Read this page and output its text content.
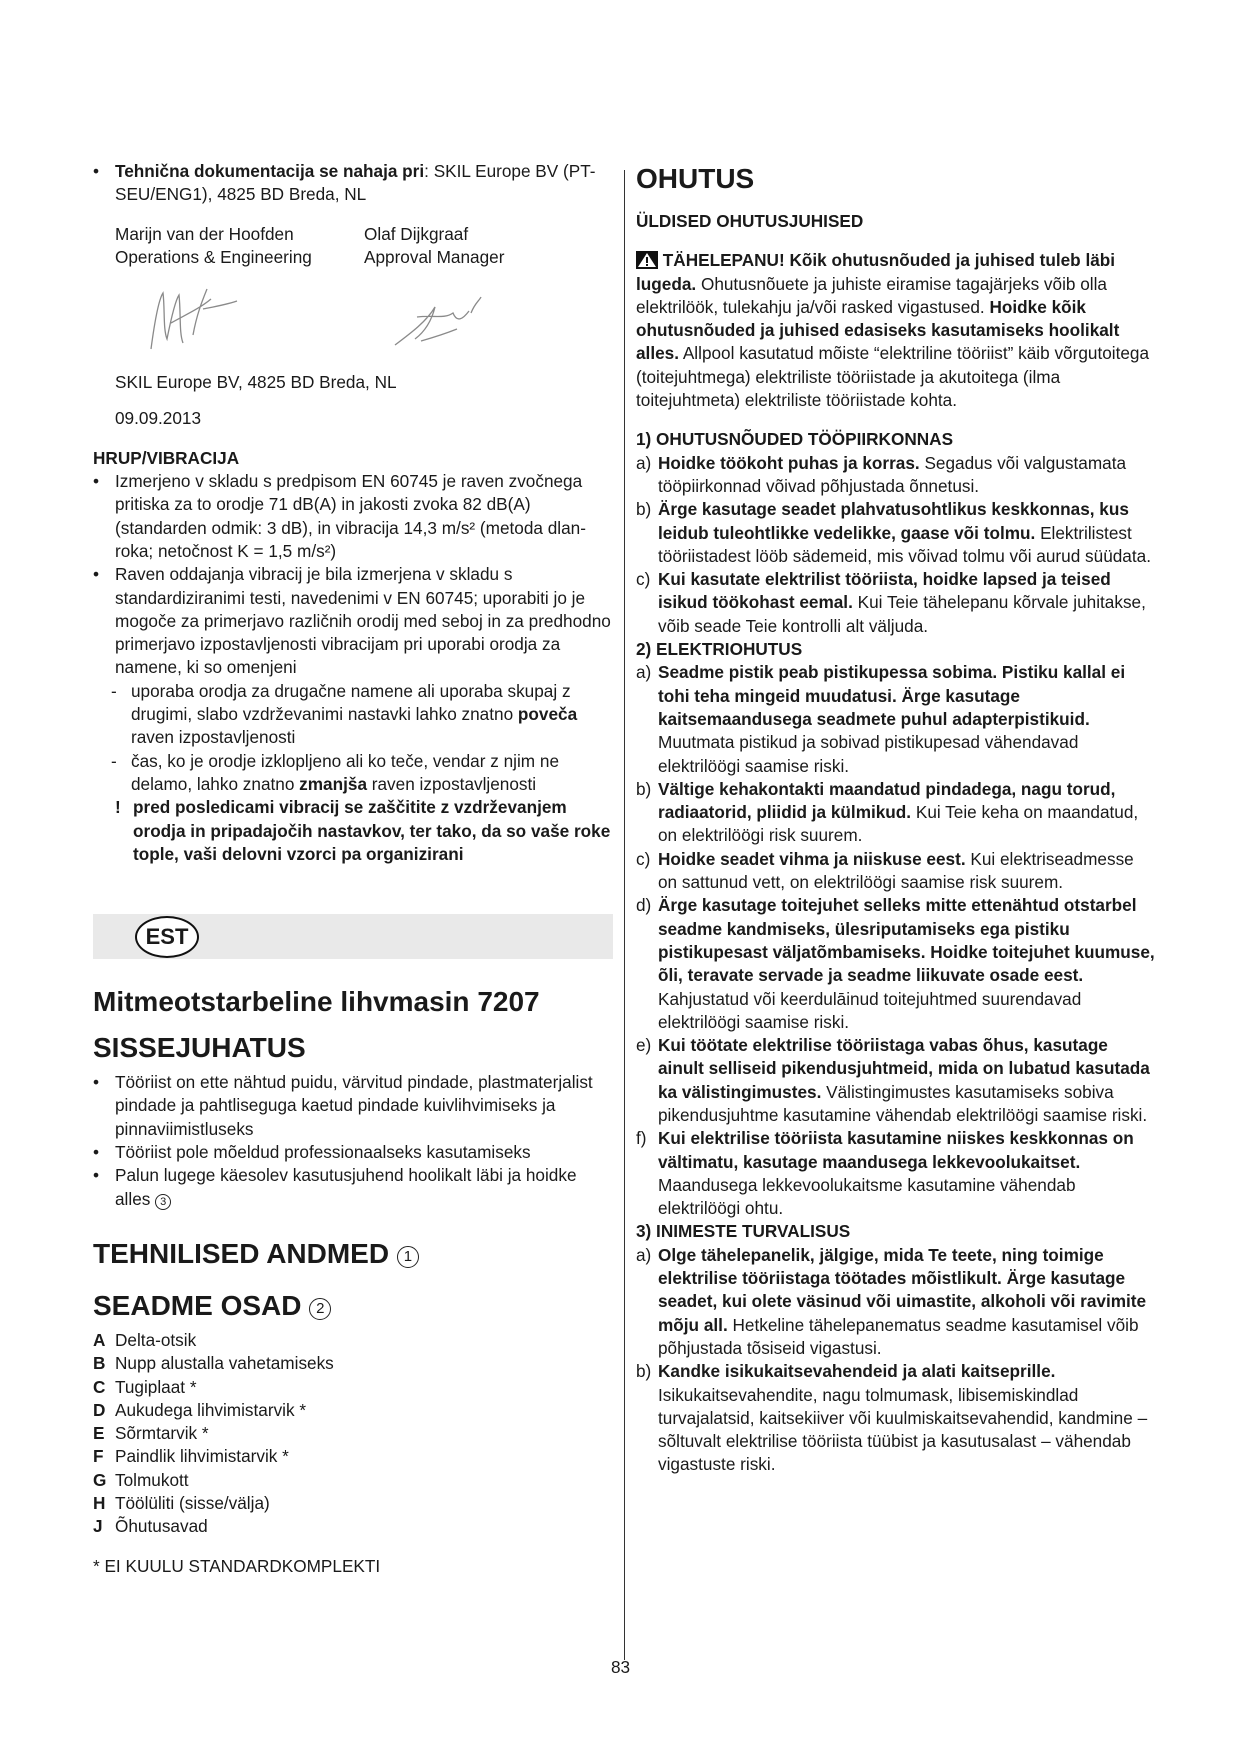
• Tehnična dokumentacija se nahaja pri: SKIL Europe BV (PT-SEU/ENG1), 4825 BD Breda, NL
Marijn van der Hoofden
Operations & Engineering
Olaf Dijkgraaf
Approval Manager
SKIL Europe BV, 4825 BD Breda, NL
09.09.2013
HRUP/VIBRACIJA
• Izmerjeno v skladu s predpisom EN 60745 je raven zvočnega pritiska za to orodje 71 dB(A) in jakosti zvoka 82 dB(A) (standarden odmik: 3 dB), in vibracija 14,3 m/s² (metoda dlan-roka; netočnost K = 1,5 m/s²)
• Raven oddajanja vibracij je bila izmerjena v skladu s standardiziranimi testi, navedenimi v EN 60745; uporabiti jo je mogoče za primerjavo različnih orodij med seboj in za predhodno primerjavo izpostavljenosti vibracijam pri uporabi orodja za namene, ki so omenjeni
- uporaba orodja za drugačne namene ali uporaba skupaj z drugimi, slabo vzdrževanimi nastavki lahko znatno poveča raven izpostavljenosti
- čas, ko je orodje izklopljeno ali ko teče, vendar z njim ne delamo, lahko znatno zmanjša raven izpostavljenosti
! pred posledicami vibracij se zaščitite z vzdrževanjem orodja in pripadajočih nastavkov, ter tako, da so vaše roke tople, vaši delovni vzorci pa organizirani
EST
Mitmeotstarbeline lihvmasin 7207
SISSEJUHATUS
• Tööriist on ette nähtud puidu, värvitud pindade, plastmaterjalist pindade ja pahtliseguga kaetud pindade kuivlihvimiseks ja pinnaviimistluseks
• Tööriist pole mõeldud professionaalseks kasutamiseks
• Palun lugege käesolev kasutusjuhend hoolikalt läbi ja hoidke alles 3
TEHNILISED ANDMED 1
SEADME OSAD 2
A Delta-otsik
B Nupp alustalla vahetamiseks
C Tugiplaat *
D Aukudega lihvimistarvik *
E Sõrmtarvik *
F Paindlik lihvimistarvik *
G Tolmukott
H Töölüliti (sisse/välja)
J Õhutusavad
* EI KUULU STANDARDKOMPLEKTI
OHUTUS
ÜLDISED OHUTUSJUHISED
TÄHELEPANU! Kõik ohutusnõuded ja juhised tuleb läbi lugeda. Ohutusnõuete ja juhiste eiramise tagajärjeks võib olla elektrilöök, tulekahju ja/või rasked vigastused. Hoidke kõik ohutusnõuded ja juhised edasiseks kasutamiseks hoolikalt alles. Allpool kasutatud mõiste “elektriline tööriist” käib võrgutoitega (toitejuhtmega) elektriliste tööriistade ja akutoitega (ilma toitejuhtmeta) elektriliste tööriistade kohta.
1) OHUTUSNÕUDED TÖÖPIIRKONNAS
a) Hoidke töökoht puhas ja korras. Segadus või valgustamata tööpiirkonnad võivad põhjustada õnnetusi.
b) Ärge kasutage seadet plahvatusohtlikus keskkonnas, kus leidub tuleohtlikke vedelikke, gaase või tolmu. Elektrilistest tööriistadest lööb sädemeid, mis võivad tolmu või aurud süüdata.
c) Kui kasutate elektrilist tööriista, hoidke lapsed ja teised isikud töökohast eemal. Kui Teie tähelepanu kõrvale juhitakse, võib seade Teie kontrolli alt väljuda.
2) ELEKTRIOHUTUS
a) Seadme pistik peab pistikupessa sobima. Pistiku kallal ei tohi teha mingeid muudatusi. Ärge kasutage kaitsemaandusega seadmete puhul adapterpistikuid. Muutmata pistikud ja sobivad pistikupesad vähendavad elektrilöögi saamise riski.
b) Vältige kehakontakti maandatud pindadega, nagu torud, radiaatorid, pliidid ja külmikud. Kui Teie keha on maandatud, on elektrilöögi risk suurem.
c) Hoidke seadet vihma ja niiskuse eest. Kui elektriseadmesse on sattunud vett, on elektrilöögi saamise risk suurem.
d) Ärge kasutage toitejuhet selleks mitte ettenähtud otstarbel seadme kandmiseks, ülesriputamiseks ega pistiku pistikupesast väljatõmbamiseks. Hoidke toitejuhet kuumuse, õli, teravate servade ja seadme liikuvate osade eest. Kahjustatud või keerdulāinud toitejuhtmed suurendavad elektrilöögi saamise riski.
e) Kui töötate elektrilise tööriistaga vabas õhus, kasutage ainult selliseid pikendusjuhtmeid, mida on lubatud kasutada ka välistingimustes. Välistingimustes kasutamiseks sobiva pikendusjuhtme kasutamine vähendab elektrilöögi saamise riski.
f) Kui elektrilise tööriista kasutamine niiskes keskkonnas on vältimatu, kasutage maandusega lekkevoolukaitset. Maandusega lekkevoolukaitsme kasutamine vähendab elektrilöögi ohtu.
3) INIMESTE TURVALISUS
a) Olge tähelepanelik, jälgige, mida Te teete, ning toimige elektrilise tööriistaga töötades mõistlikult. Ärge kasutage seadet, kui olete väsinud või uimastite, alkoholi või ravimite mõju all. Hetkeline tähelepanematus seadme kasutamisel võib põhjustada tõsiseid vigastusi.
b) Kandke isikukaitsevahendeid ja alati kaitseprille. Isikukaitsevahendite, nagu tolmumask, libisemiskindlad turvajalatsid, kaitsekiiver või kuulmiskaitsevahendid, kandmine – sõltuvalt elektrilise tööriista tüübist ja kasutusalast – vähendab vigastuste riski.
83
